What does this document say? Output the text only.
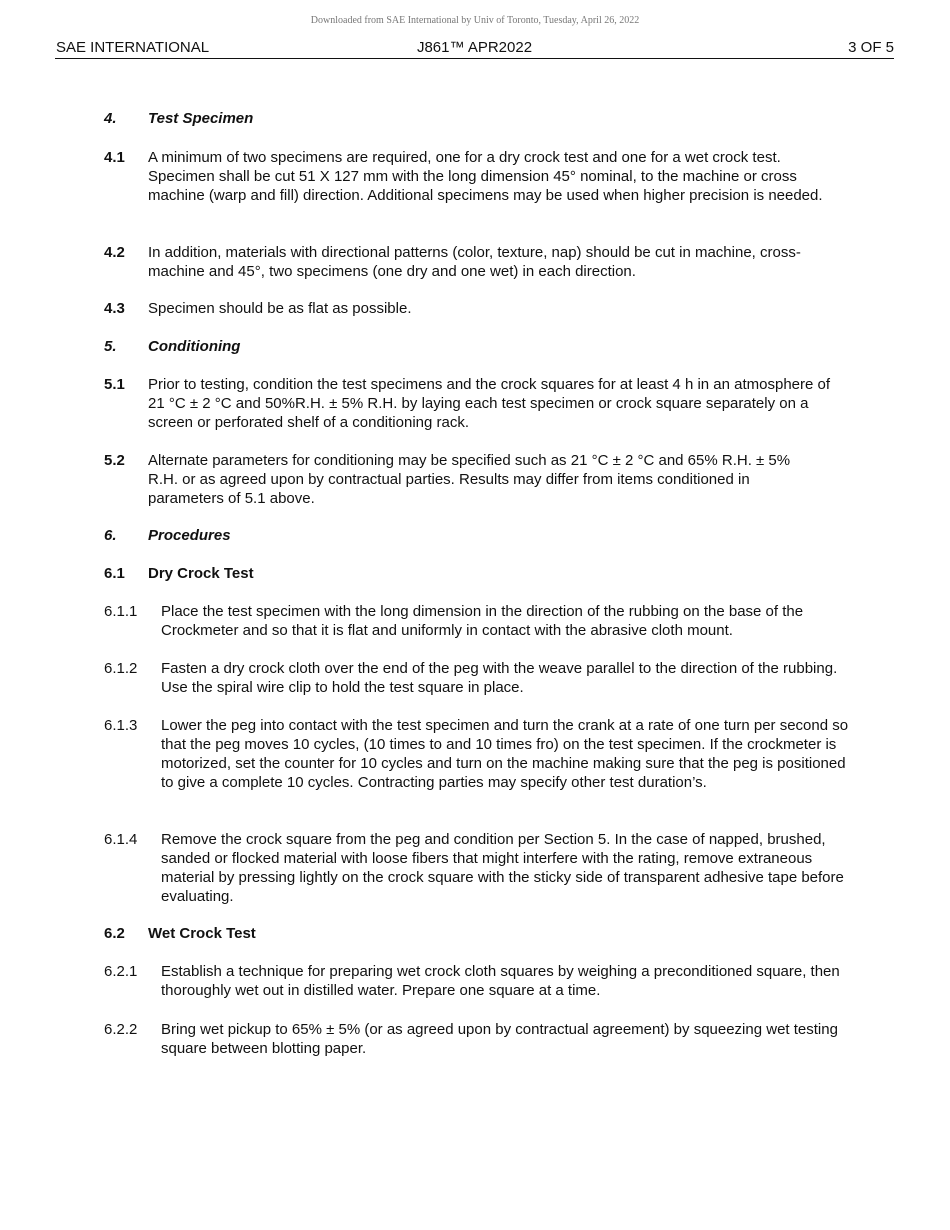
Downloaded from SAE International by Univ of Toronto, Tuesday, April 26, 2022
SAE INTERNATIONAL	J861™ APR2022	3 OF 5
4. Test Specimen
4.1 A minimum of two specimens are required, one for a dry crock test and one for a wet crock test. Specimen shall be cut 51 X 127 mm with the long dimension 45° nominal, to the machine or cross machine (warp and fill) direction. Additional specimens may be used when higher precision is needed.
4.2 In addition, materials with directional patterns (color, texture, nap) should be cut in machine, cross-machine and 45°, two specimens (one dry and one wet) in each direction.
4.3 Specimen should be as flat as possible.
5. Conditioning
5.1 Prior to testing, condition the test specimens and the crock squares for at least 4 h in an atmosphere of 21 °C ± 2 °C and 50%R.H. ± 5% R.H. by laying each test specimen or crock square separately on a screen or perforated shelf of a conditioning rack.
5.2 Alternate parameters for conditioning may be specified such as 21 °C ± 2 °C and 65% R.H. ± 5% R.H. or as agreed upon by contractual parties. Results may differ from items conditioned in parameters of 5.1 above.
6. Procedures
6.1 Dry Crock Test
6.1.1 Place the test specimen with the long dimension in the direction of the rubbing on the base of the Crockmeter and so that it is flat and uniformly in contact with the abrasive cloth mount.
6.1.2 Fasten a dry crock cloth over the end of the peg with the weave parallel to the direction of the rubbing. Use the spiral wire clip to hold the test square in place.
6.1.3 Lower the peg into contact with the test specimen and turn the crank at a rate of one turn per second so that the peg moves 10 cycles, (10 times to and 10 times fro) on the test specimen. If the crockmeter is motorized, set the counter for 10 cycles and turn on the machine making sure that the peg is positioned to give a complete 10 cycles. Contracting parties may specify other test duration’s.
6.1.4 Remove the crock square from the peg and condition per Section 5. In the case of napped, brushed, sanded or flocked material with loose fibers that might interfere with the rating, remove extraneous material by pressing lightly on the crock square with the sticky side of transparent adhesive tape before evaluating.
6.2 Wet Crock Test
6.2.1 Establish a technique for preparing wet crock cloth squares by weighing a preconditioned square, then thoroughly wet out in distilled water. Prepare one square at a time.
6.2.2 Bring wet pickup to 65% ± 5% (or as agreed upon by contractual agreement) by squeezing wet testing square between blotting paper.
